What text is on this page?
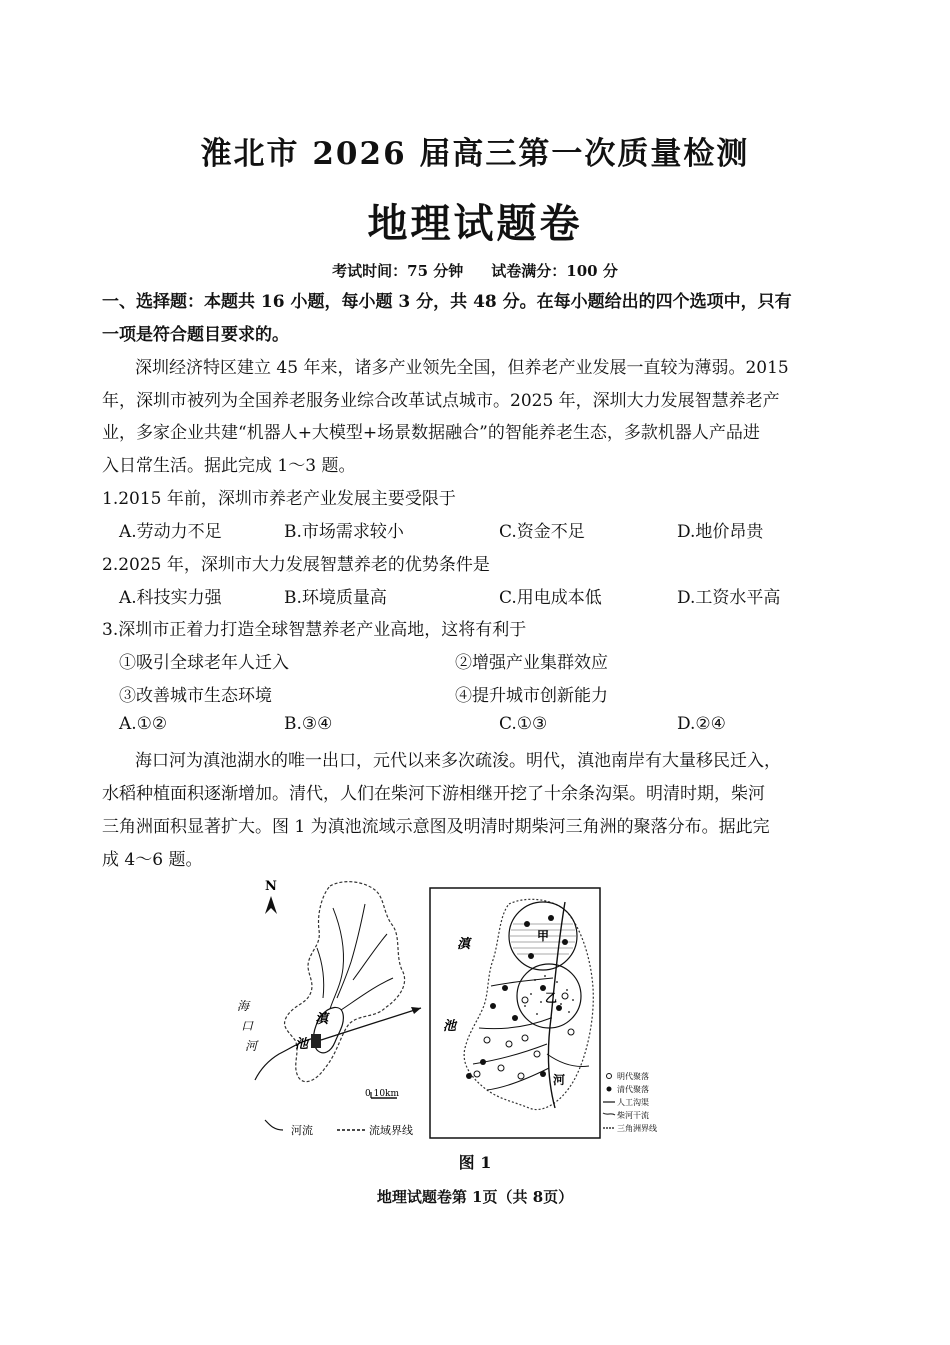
淮北市 2026 届高三第一次质量检测
地理试题卷
考试时间：75 分钟 试卷满分：100 分
一、选择题：本题共 16 小题，每小题 3 分，共 48 分。在每小题给出的四个选项中，只有
一项是符合题目要求的。
深圳经济特区建立 45 年来，诸多产业领先全国，但养老产业发展一直较为薄弱。2015
年，深圳市被列为全国养老服务业综合改革试点城市。2025 年，深圳大力发展智慧养老产
业，多家企业共建“机器人+大模型+场景数据融合”的智能养老生态，多款机器人产品进
入日常生活。据此完成 1～3 题。
1.2015 年前，深圳市养老产业发展主要受限于
A.劳动力不足	B.市场需求较小	C.资金不足	D.地价昂贵
2.2025 年，深圳市大力发展智慧养老的优势条件是
A.科技实力强	B.环境质量高	C.用电成本低	D.工资水平高
3.深圳市正着力打造全球智慧养老产业高地，这将有利于
①吸引全球老年人迁入	②增强产业集群效应
③改善城市生态环境	④提升城市创新能力
A.①②	B.③④	C.①③	D.②④
海口河为滇池湖水的唯一出口，元代以来多次疏浚。明代，滇池南岸有大量移民迁入，
水稻种植面积逐渐增加。清代，人们在柴河下游相继开挖了十余条沟渠。明清时期，柴河
三角洲面积显著扩大。图 1 为滇池流域示意图及明清时期柴河三角洲的聚落分布。据此完
成 4～6 题。
N
滇
池
海
口
河
0 10km
河流	流域界线
滇
池
甲
乙
河	明代聚落
清代聚落
人工沟渠
柴河干流
三角洲界线
图 1
地理试题卷第 1页（共 8页）
